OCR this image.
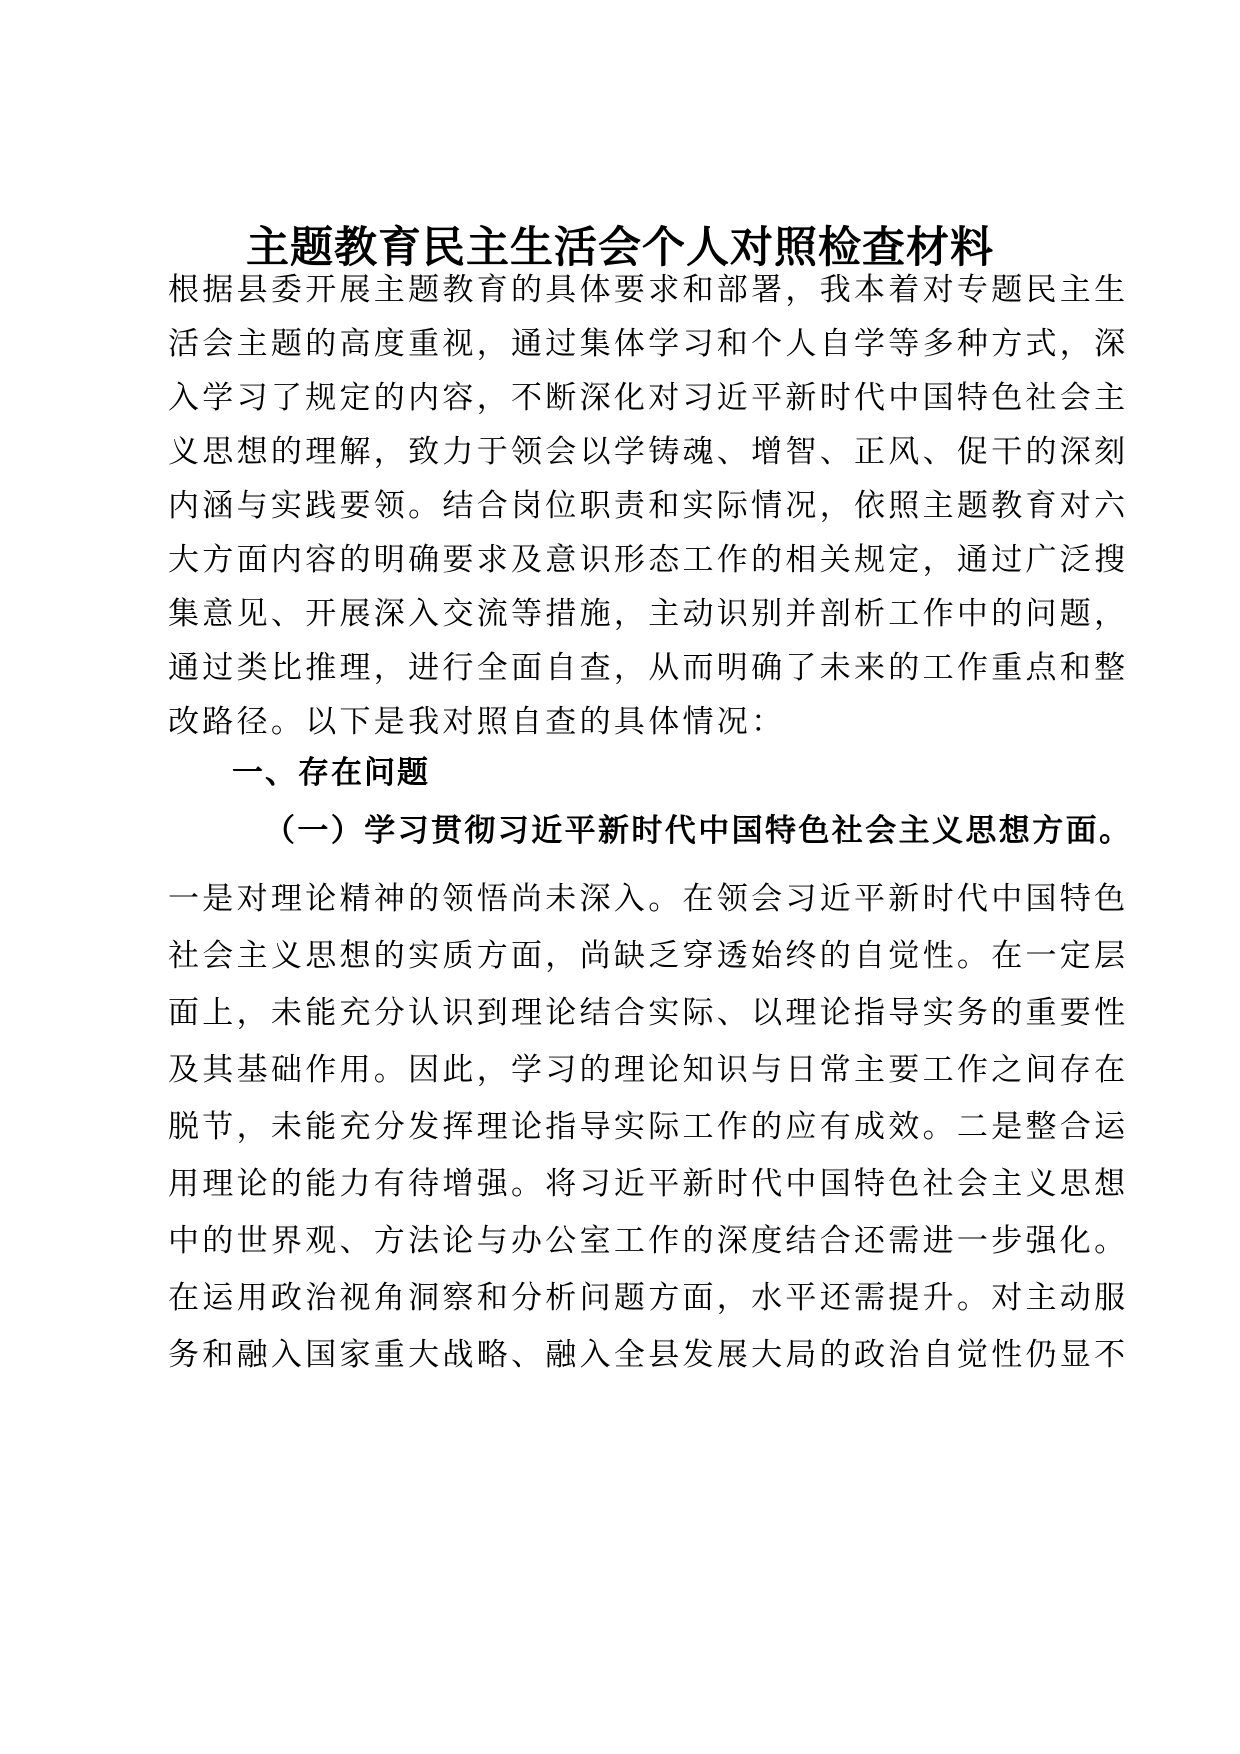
主题教育民主生活会个人对照检查材料
根据县委开展主题教育的具体要求和部署，我本着对专题民主生
活会主题的高度重视，通过集体学习和个人自学等多种方式，深
入学习了规定的内容，不断深化对习近平新时代中国特色社会主
义思想的理解，致力于领会以学铸魂、增智、正风、促干的深刻
内涵与实践要领。结合岗位职责和实际情况，依照主题教育对六
大方面内容的明确要求及意识形态工作的相关规定，通过广泛搜
集意见、开展深入交流等措施，主动识别并剖析工作中的问题，
通过类比推理，进行全面自查，从而明确了未来的工作重点和整
改路径。以下是我对照自查的具体情况：
一、存在问题
（一）学习贯彻习近平新时代中国特色社会主义思想方面。
一是对理论精神的领悟尚未深入。在领会习近平新时代中国特色
社会主义思想的实质方面，尚缺乏穿透始终的自觉性。在一定层
面上，未能充分认识到理论结合实际、以理论指导实务的重要性
及其基础作用。因此，学习的理论知识与日常主要工作之间存在
脱节，未能充分发挥理论指导实际工作的应有成效。二是整合运
用理论的能力有待增强。将习近平新时代中国特色社会主义思想
中的世界观、方法论与办公室工作的深度结合还需进一步强化。
在运用政治视角洞察和分析问题方面，水平还需提升。对主动服
务和融入国家重大战略、融入全县发展大局的政治自觉性仍显不
